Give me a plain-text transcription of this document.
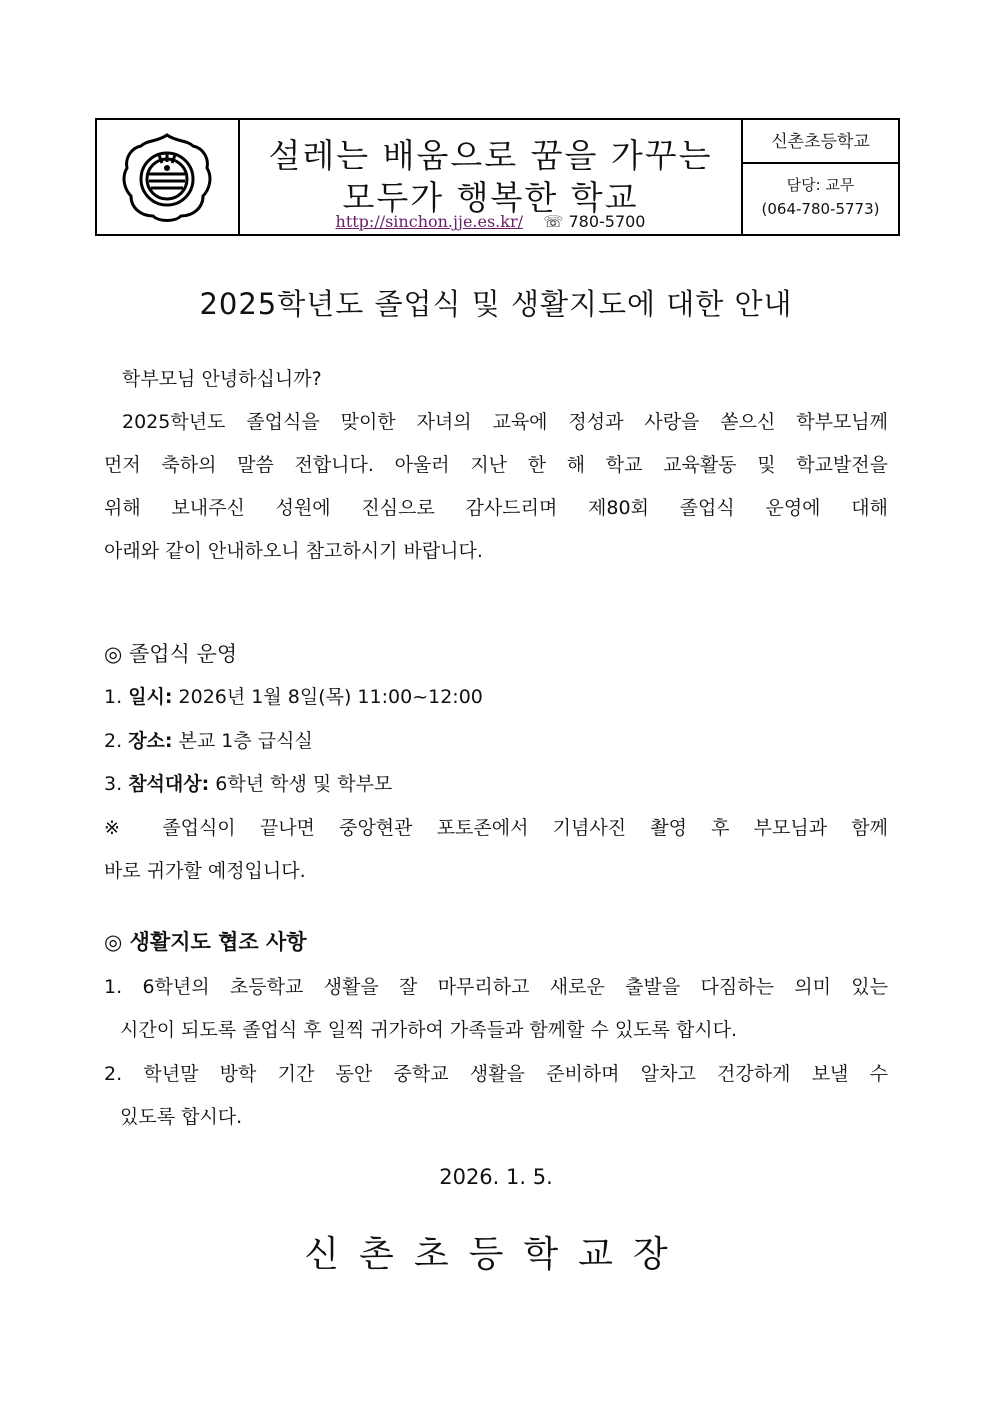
설레는 배움으로 꿈을 가꾸는
모두가 행복한 학교
http://sinchon.jje.es.kr/ ☏ 780-5700
신촌초등학교
담당: 교무
(064-780-5773)
2025학년도 졸업식 및 생활지도에 대한 안내
학부모님 안녕하십니까?
2025학년도 졸업식을 맞이한 자녀의 교육에 정성과 사랑을 쏟으신 학부모님께
먼저 축하의 말씀 전합니다. 아울러 지난 한 해 학교 교육활동 및 학교발전을
위해 보내주신 성원에 진심으로 감사드리며 제80회 졸업식 운영에 대해
아래와 같이 안내하오니 참고하시기 바랍니다.
◎ 졸업식 운영
1. 일시: 2026년 1월 8일(목) 11:00~12:00
2. 장소: 본교 1층 급식실
3. 참석대상: 6학년 학생 및 학부모
※ 졸업식이 끝나면 중앙현관 포토존에서 기념사진 촬영 후 부모님과 함께
바로 귀가할 예정입니다.
◎ 생활지도 협조 사항
1. 6학년의 초등학교 생활을 잘 마무리하고 새로운 출발을 다짐하는 의미 있는
시간이 되도록 졸업식 후 일찍 귀가하여 가족들과 함께할 수 있도록 합시다.
2. 학년말 방학 기간 동안 중학교 생활을 준비하며 알차고 건강하게 보낼 수
있도록 합시다.
2026. 1. 5.
신촌초등학교장
